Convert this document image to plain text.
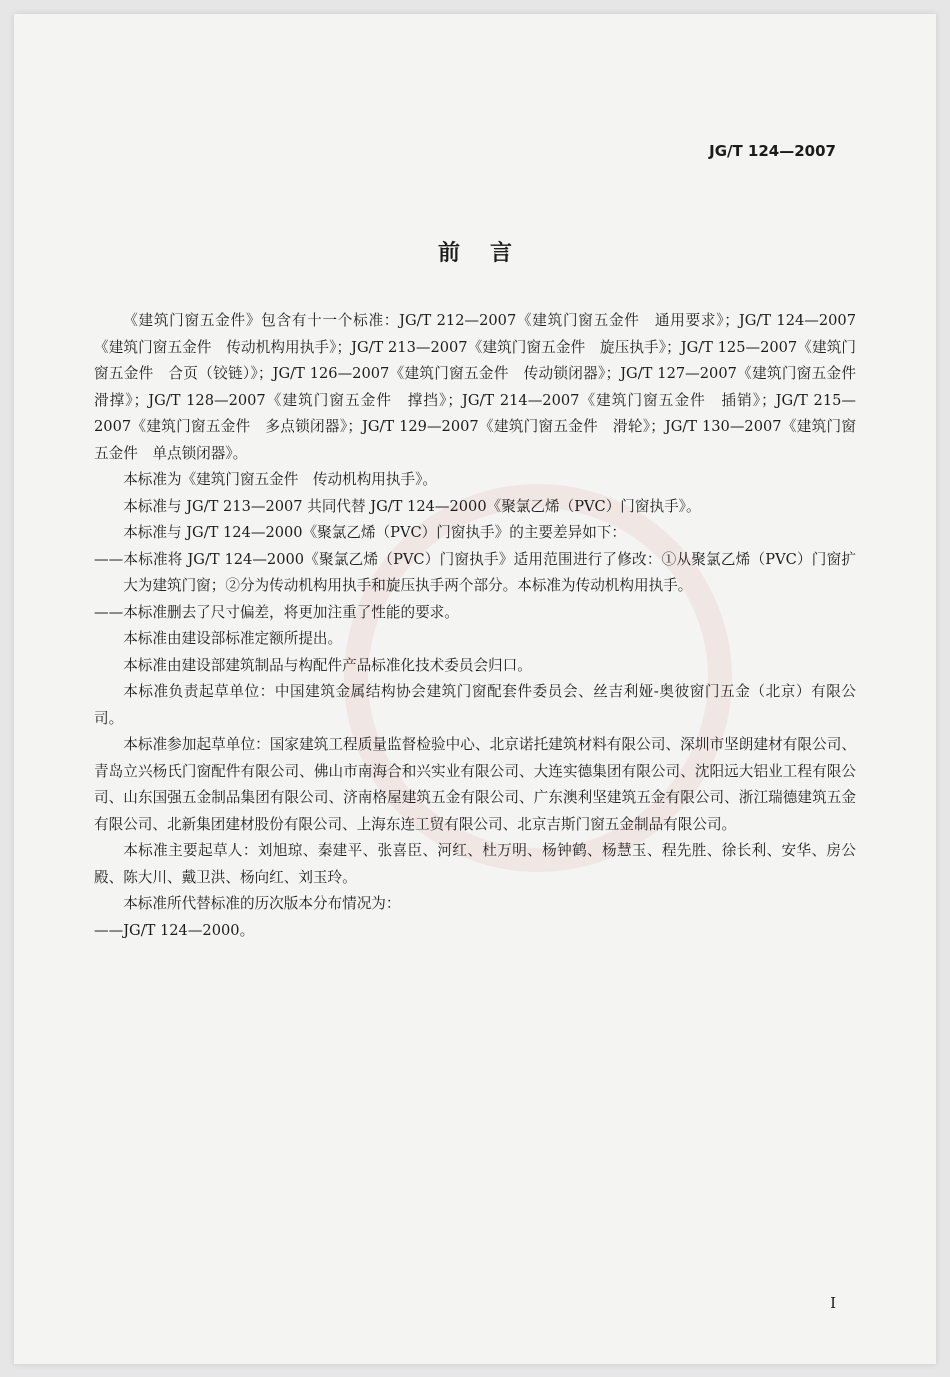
JG/T 124—2007
前言

《建筑门窗五金件》包含有十一个标准：JG/T 212—2007《建筑门窗五金件　通用要求》；JG/T 124—2007《建筑门窗五金件　传动机构用执手》；JG/T 213—2007《建筑门窗五金件　旋压执手》；JG/T 125—2007《建筑门窗五金件　合页（铰链）》；JG/T 126—2007《建筑门窗五金件　传动锁闭器》；JG/T 127—2007《建筑门窗五金件　滑撑》；JG/T 128—2007《建筑门窗五金件　撑挡》；JG/T 214—2007《建筑门窗五金件　插销》；JG/T 215—2007《建筑门窗五金件　多点锁闭器》；JG/T 129—2007《建筑门窗五金件　滑轮》；JG/T 130—2007《建筑门窗五金件　单点锁闭器》。

本标准为《建筑门窗五金件　传动机构用执手》。

本标准与 JG/T 213—2007 共同代替 JG/T 124—2000《聚氯乙烯（PVC）门窗执手》。

本标准与 JG/T 124—2000《聚氯乙烯（PVC）门窗执手》的主要差异如下：

——本标准将 JG/T 124—2000《聚氯乙烯（PVC）门窗执手》适用范围进行了修改：①从聚氯乙烯（PVC）门窗扩大为建筑门窗；②分为传动机构用执手和旋压执手两个部分。本标准为传动机构用执手。

——本标准删去了尺寸偏差，将更加注重了性能的要求。

本标准由建设部标准定额所提出。

本标准由建设部建筑制品与构配件产品标准化技术委员会归口。

本标准负责起草单位：中国建筑金属结构协会建筑门窗配套件委员会、丝吉利娅-奥彼窗门五金（北京）有限公司。

本标准参加起草单位：国家建筑工程质量监督检验中心、北京诺托建筑材料有限公司、深圳市坚朗建材有限公司、青岛立兴杨氏门窗配件有限公司、佛山市南海合和兴实业有限公司、大连实德集团有限公司、沈阳远大铝业工程有限公司、山东国强五金制品集团有限公司、济南格屋建筑五金有限公司、广东澳利坚建筑五金有限公司、浙江瑞德建筑五金有限公司、北新集团建材股份有限公司、上海东连工贸有限公司、北京吉斯门窗五金制品有限公司。

本标准主要起草人：刘旭琼、秦建平、张喜臣、河红、杜万明、杨钟鹤、杨慧玉、程先胜、徐长利、安华、房公殿、陈大川、戴卫洪、杨向红、刘玉玲。

本标准所代替标准的历次版本分布情况为：

——JG/T 124—2000。

I
